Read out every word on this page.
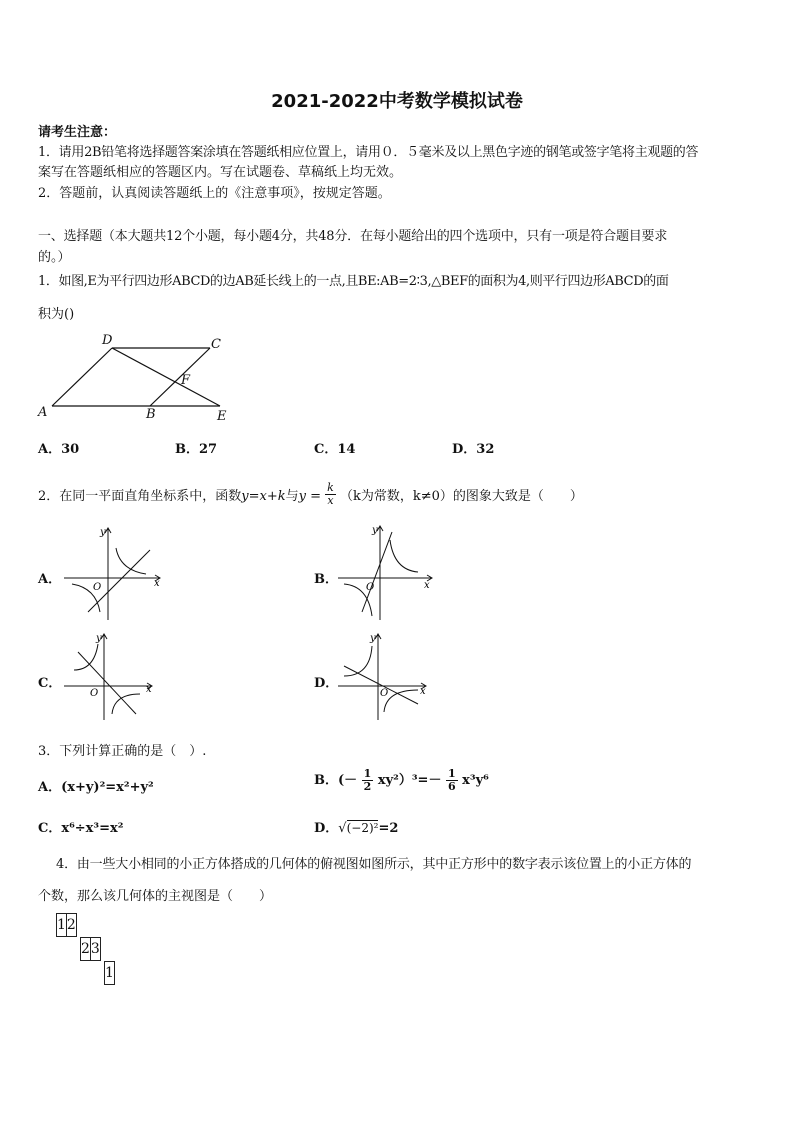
2021-2022中考数学模拟试卷
请考生注意：
1．请用2B铅笔将选择题答案涂填在答题纸相应位置上，请用０．５毫米及以上黑色字迹的钢笔或签字笔将主观题的答
案写在答题纸相应的答题区内。写在试题卷、草稿纸上均无效。
2．答题前，认真阅读答题纸上的《注意事项》，按规定答题。
一、选择题（本大题共12个小题，每小题4分，共48分．在每小题给出的四个选项中，只有一项是符合题目要求
的。）
1．如图,E为平行四边形ABCD的边AB延长线上的一点,且BE:AB=2∶3,△BEF的面积为4,则平行四边形ABCD的面
积为()
A	B
C
D
E
F
A．30	B．27	C．14	D．32
2．在同一平面直角坐标系中，函数y=x+k与$y = \frac{k}{x} (k$为常数，k≠0）的图象大致是（　　）
A．
y
x
O
B．
y
x
O
C．
y
x
O
D．
y
x
O
3．下列计算正确的是（　）.
A．(x+y)²=x²+y²	B．(－ $\frac{1}{2} xy^2)^3=- \frac{1}{6} x^3y^6$
C．x⁶÷x³=x²	D．√(−2)²=2
4．由一些大小相同的小正方体搭成的几何体的俯视图如图所示，其中正方形中的数字表示该位置上的小正方体的
个数，那么该几何体的主视图是（　　）
1	2
2	3
1
